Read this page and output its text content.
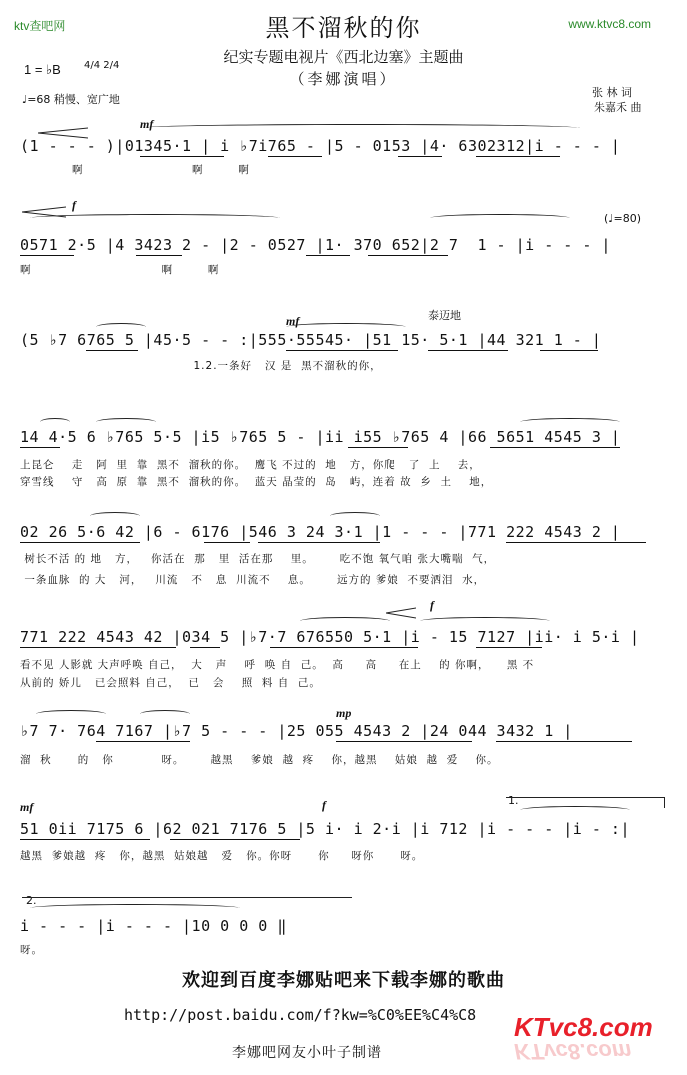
ktv查吧网	www.ktvc8.com
黑不溜秋的你
纪实专题电视片《西北边塞》主题曲
（李娜演唱）
张 林 词
朱嘉禾 曲
1 = ♭B 4/4 2/4
♩=68 稍慢、宽广地
mf
(1 - - - )|01345·1 | i ♭7i765 - |5 - 0153 |4· 6302312|i - - - |
啊                         啊        啊
f
(♩=80)
0571 2·5 |4 3423 2 - |2 - 0527 |1· 370 652|2 7  1 - |i - - - |
啊                              啊        啊
mf	泰迈地
(5 ♭7 6765 5 |45·5 - - :|555·55545· |51 15· 5·1 |44 321 1 - |
1.2.一条好   汉 是  黑不溜秋的你，
14 4·5 6 ♭765 5·5 |i5 ♭765 5 - |ii i55 ♭765 4 |66 5651 4545 3 |
上昆仑    走   阿  里  靠  黑不  溜秋的你。  鹰飞 不过的  地   方，你爬   了  上    去，
穿雪线    守   高  原  靠  黑不  溜秋的你。  蓝天 晶莹的  岛   屿，连着 故  乡  土    地，
02 26 5·6 42 |6 - 6176 |546 3 24 3·1 |1 - - - |771 222 4543 2 |
树长不活 的 地   方，   你活在  那   里  活在那    里。      吃不饱 氧气咱 张大嘴喘  气，
一条血脉  的 大   河，   川流   不   息  川流不    息。      远方的 爹娘  不要洒泪  水，
f
771 222 4543 42 |034 5 |♭7·7 676550 5·1 |i - 15 7127 |ii· i 5·i |
看不见 人影就 大声呼唤 自己，  大   声    呼  唤 自  己。  高     高     在上    的 你啊，    黑 不
从前的 娇儿   已会照料 自己，  已   会    照  料 自  己。
mp
♭7 7· 764 7167 |♭7 5 - - - |25 055 4543 2 |24 044 3432 1 |
溜  秋      的   你           呀。      越黑    爹娘  越  疼    你，越黑    姑娘  越  爱    你。
mf	f	1.
51 0ii 7175 6 |62 021 7176 5 |5 i· i 2·i |i 712 |i - - - |i - :|
越黑  爹娘越  疼   你，越黑  姑娘越   爱   你。你呀      你     呀你      呀。
2.
i - - - |i - - - |10 0 0 0 ‖
呀。
欢迎到百度李娜贴吧来下载李娜的歌曲
http://post.baidu.com/f?kw=%C0%EE%C4%C8
李娜吧网友小叶子制谱
KTvc8.com
KTvc8.com
